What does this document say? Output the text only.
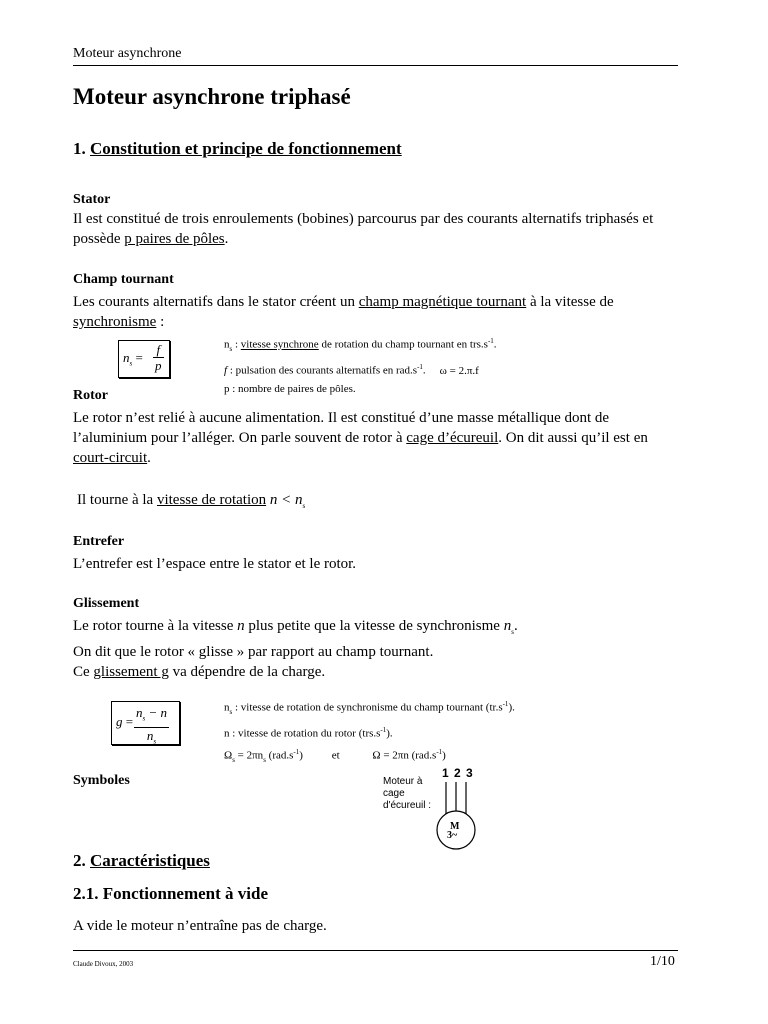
Moteur asynchrone
Moteur asynchrone triphasé
1. Constitution et principe de fonctionnement
Stator
Il est constitué de trois enroulements (bobines) parcourus par des courants alternatifs triphasés et
possède p paires de pôles.
Champ tournant
Les courants alternatifs dans le stator créent un champ magnétique tournant à la vitesse de
synchronisme :
$n_s = \frac{f}{p}$	$n_s$ : vitesse synchrone de rotation du champ tournant en $trs.s^{-1}$.
f : pulsation des courants alternatifs en $rad.s^{-1}$. ω = 2.π.f
p : nombre de paires de pôles.
Rotor
Le rotor n’est relié à aucune alimentation. Il est constitué d’une masse métallique dont de
l’aluminium pour l’alléger. On parle souvent de rotor à cage d’écureuil. On dit aussi qu’il est en
court-circuit.
Il tourne à la vitesse de rotation $n < n_s$
Entrefer
L’entrefer est l’espace entre le stator et le rotor.
Glissement
Le rotor tourne à la vitesse n plus petite que la vitesse de synchronisme $n_s$.
On dit que le rotor « glisse » par rapport au champ tournant.
Ce glissement g va dépendre de la charge.
$g = \frac{n_s - n}{n_s}$	$n_s$ : vitesse de rotation de synchronisme du champ tournant $(tr.s^{-1})$.
n : vitesse de rotation du rotor $(trs.s^{-1})$.
$\Omega_s = 2\pi n_s$ $(rad.s^{-1})$	et	Ω = 2πn $(rad.s^{-1})$
Symboles	Moteur à
cage
d'écureuil :
1 2 3
M
3~
2. Caractéristiques
2.1. Fonctionnement à vide
A vide le moteur n’entraîne pas de charge.
Claude Divoux, 2003	1/10
